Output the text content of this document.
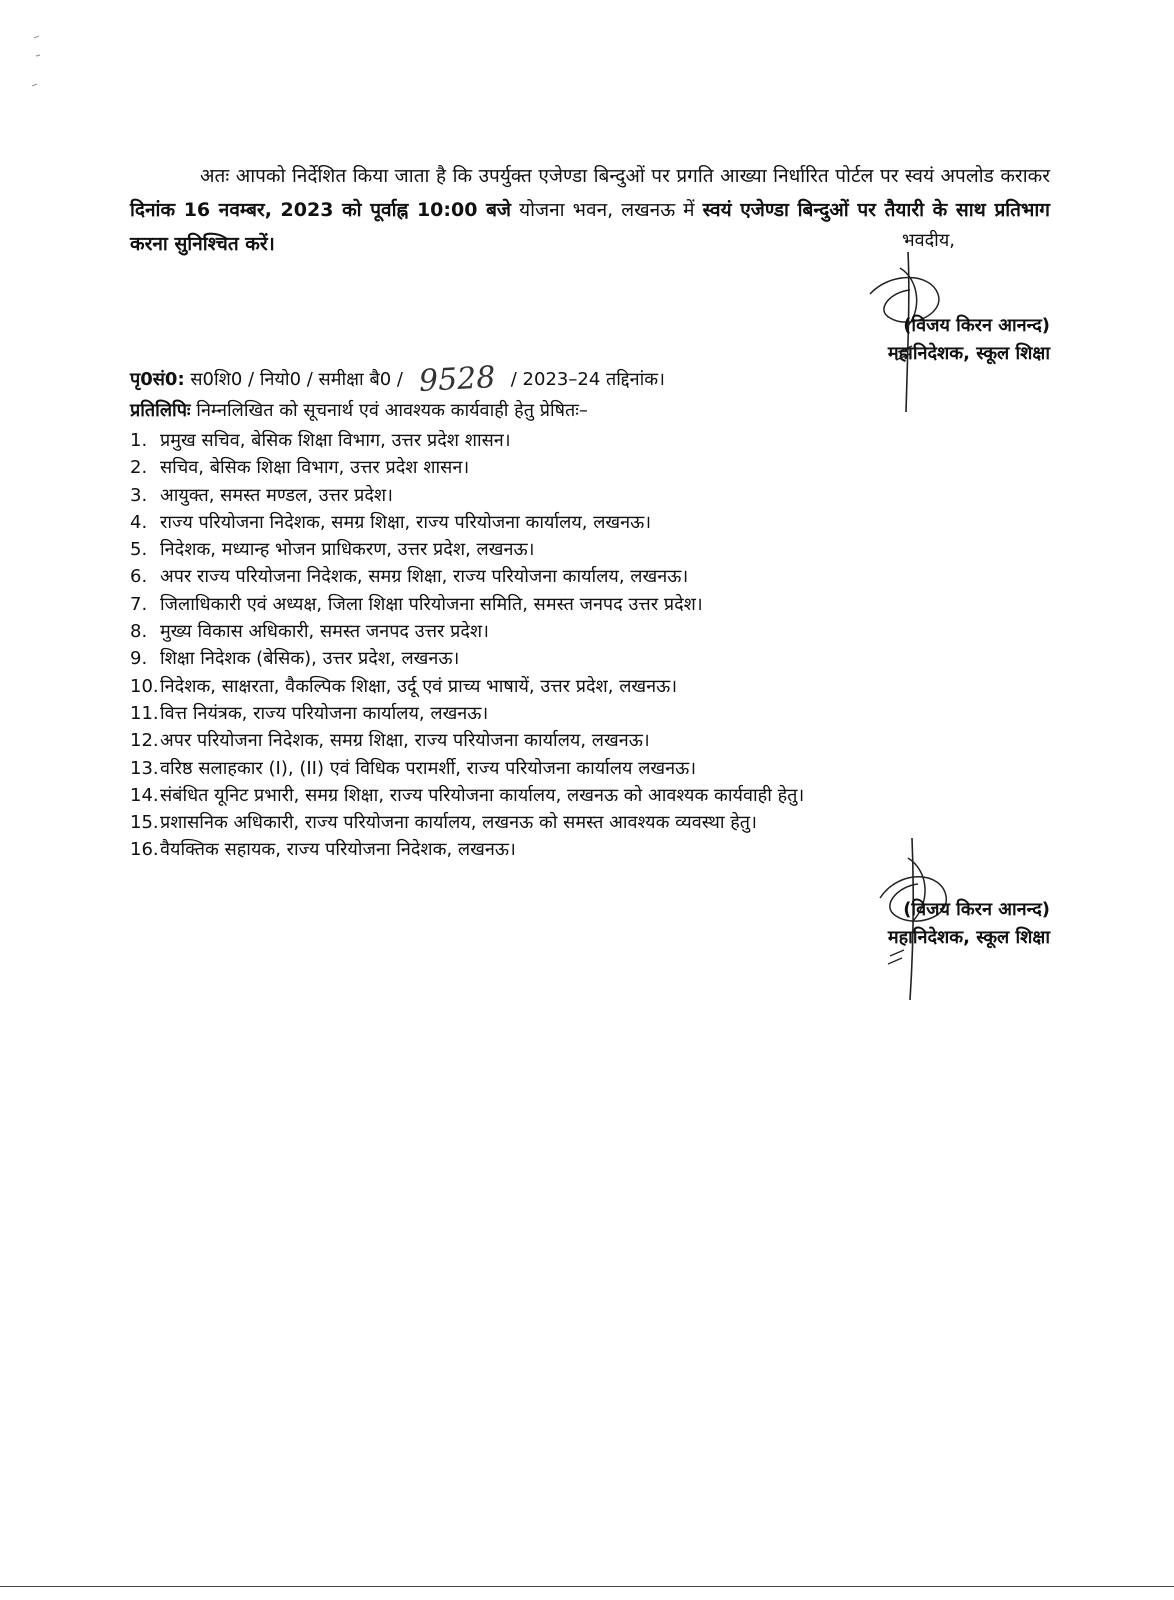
अतः आपको निर्देशित किया जाता है कि उपर्युक्त एजेण्डा बिन्दुओं पर प्रगति आख्या निर्धारित पोर्टल पर स्वयं अपलोड कराकर दिनांक 16 नवम्बर, 2023 को पूर्वाह्न 10:00 बजे योजना भवन, लखनऊ में स्वयं एजेण्डा बिन्दुओं पर तैयारी के साथ प्रतिभाग करना सुनिश्चित करें।	भवदीय,
(विजय किरन आनन्द)
महानिदेशक, स्कूल शिक्षा
पृ0सं0: स0शि0 / नियो0 / समीक्षा बै0 / 9528 / 2023–24 तद्दिनांक।
प्रतिलिपिः निम्नलिखित को सूचनार्थ एवं आवश्यक कार्यवाही हेतु प्रेषितः–
1. प्रमुख सचिव, बेसिक शिक्षा विभाग, उत्तर प्रदेश शासन।
2. सचिव, बेसिक शिक्षा विभाग, उत्तर प्रदेश शासन।
3. आयुक्त, समस्त मण्डल, उत्तर प्रदेश।
4. राज्य परियोजना निदेशक, समग्र शिक्षा, राज्य परियोजना कार्यालय, लखनऊ।
5. निदेशक, मध्यान्ह भोजन प्राधिकरण, उत्तर प्रदेश, लखनऊ।
6. अपर राज्य परियोजना निदेशक, समग्र शिक्षा, राज्य परियोजना कार्यालय, लखनऊ।
7. जिलाधिकारी एवं अध्यक्ष, जिला शिक्षा परियोजना समिति, समस्त जनपद उत्तर प्रदेश।
8. मुख्य विकास अधिकारी, समस्त जनपद उत्तर प्रदेश।
9. शिक्षा निदेशक (बेसिक), उत्तर प्रदेश, लखनऊ।
10.निदेशक, साक्षरता, वैकल्पिक शिक्षा, उर्दू एवं प्राच्य भाषायें, उत्तर प्रदेश, लखनऊ।
11.वित्त नियंत्रक, राज्य परियोजना कार्यालय, लखनऊ।
12.अपर परियोजना निदेशक, समग्र शिक्षा, राज्य परियोजना कार्यालय, लखनऊ।
13.वरिष्ठ सलाहकार (I), (II) एवं विधिक परामर्शी, राज्य परियोजना कार्यालय लखनऊ।
14.संबंधित यूनिट प्रभारी, समग्र शिक्षा, राज्य परियोजना कार्यालय, लखनऊ को आवश्यक कार्यवाही हेतु।
15.प्रशासनिक अधिकारी, राज्य परियोजना कार्यालय, लखनऊ को समस्त आवश्यक व्यवस्था हेतु।
16.वैयक्तिक सहायक, राज्य परियोजना निदेशक, लखनऊ।
(विजय किरन आनन्द)
महानिदेशक, स्कूल शिक्षा
